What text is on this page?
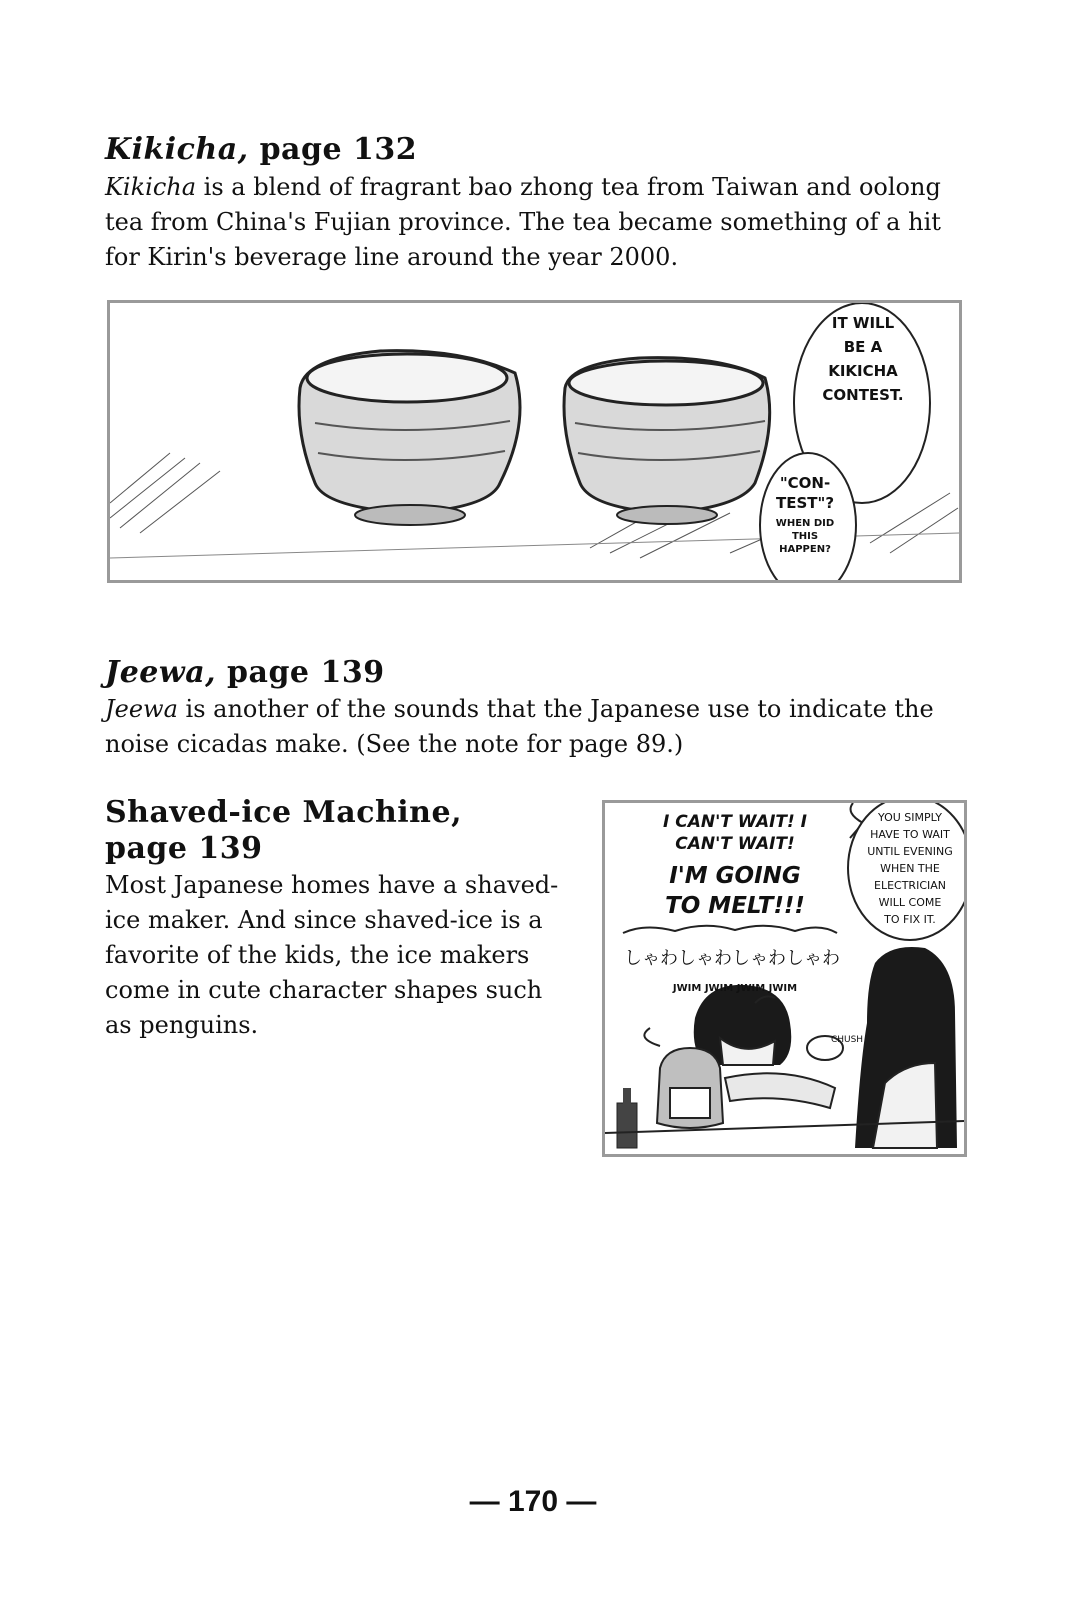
Kikicha, page 132

Kikicha is a blend of fragrant bao zhong tea from Taiwan and oolong tea from China's Fujian province. The tea became something of a hit for Kirin's beverage line around the year 2000.

IT WILL
BE A
KIKICHA
CONTEST.
"CON-
TEST"?
WHEN DID
THIS
HAPPEN?
Jeewa, page 139

Jeewa is another of the sounds that the Japanese use to indicate the noise cicadas make. (See the note for page 89.)

Shaved-ice Machine,
page 139

Most Japanese homes have a shaved-ice maker. And since shaved-ice is a favorite of the kids, the ice makers come in cute character shapes such as penguins.

I CAN'T WAIT! I
CAN'T WAIT!
I'M GOING
TO MELT!!!
YOU SIMPLY
HAVE TO WAIT
UNTIL EVENING
WHEN THE
ELECTRICIAN
WILL COME
TO FIX IT.
しゃわしゃわしゃわしゃわ
JWIM JWIM JWIM JWIM
CHUSH
— 170 —
